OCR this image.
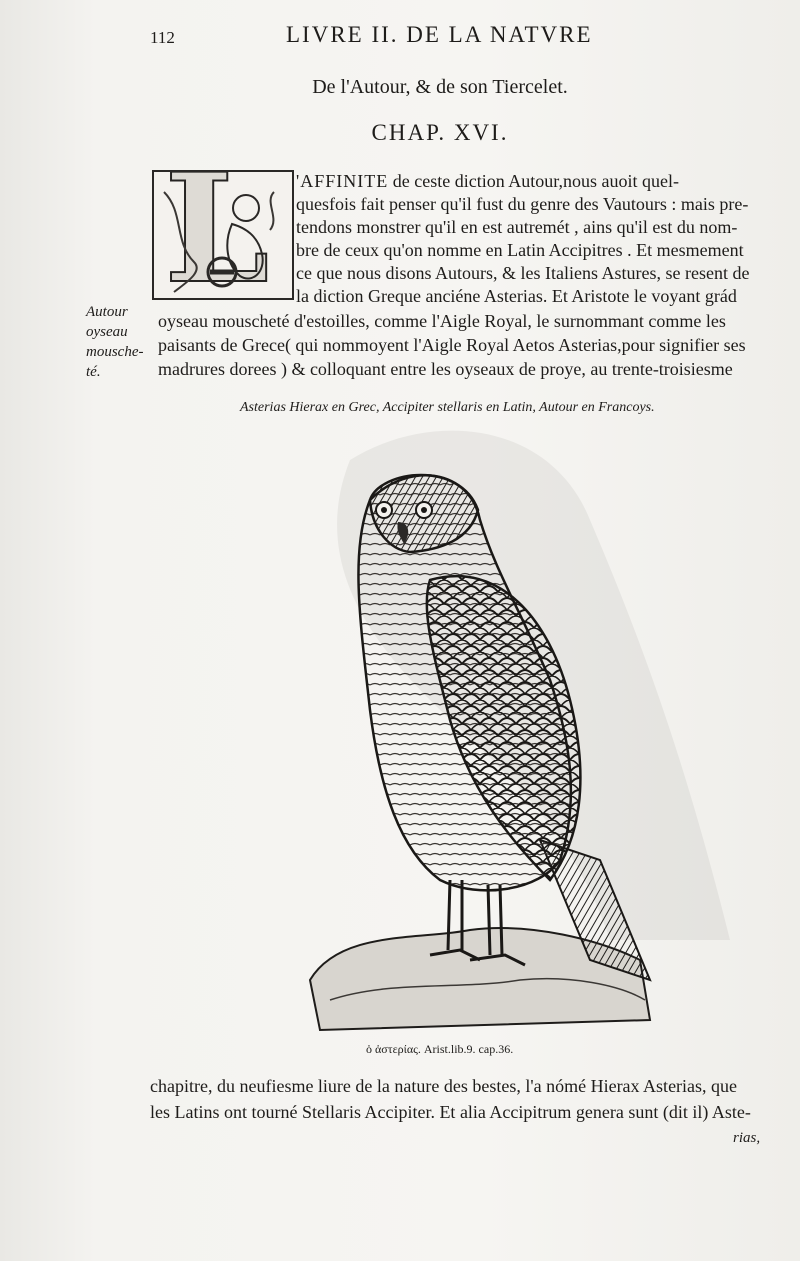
112	LIVRE II. DE LA NATVRE
De l'Autour, & de son Tiercelet.
CHAP. XVI.
L 'AFFINITE de ceste diction Autour,nous auoit quel-
quesfois fait penser qu'il fust du genre des Vautours : mais pre-
tendons monstrer qu'il en est autremét , ains qu'il est du nom-
bre de ceux qu'on nomme en Latin Accipitres . Et mesmement
ce que nous disons Autours, & les Italiens Astures, se resent de
la diction Greque anciéne Asterias. Et Aristote le voyant grád
oyseau mouscheté d'estoilles, comme l'Aigle Royal, le surnommant comme les
paisants de Grece( qui nommoyent l'Aigle Royal Aetos Asterias,pour signifier ses
madrures dorees ) & colloquant entre les oyseaux de proye, au trente-troisiesme
Autour
oyseau
mousche-
té.
Asterias Hierax en Grec, Accipiter stellaris en Latin, Autour en Francoys.
ὁ ἀστερίας. Arist.lib.9. cap.36.
chapitre, du neufiesme liure de la nature des bestes, l'a nómé Hierax Asterias, que
les Latins ont tourné Stellaris Accipiter. Et alia Accipitrum genera sunt (dit il) Aste-
rias,
